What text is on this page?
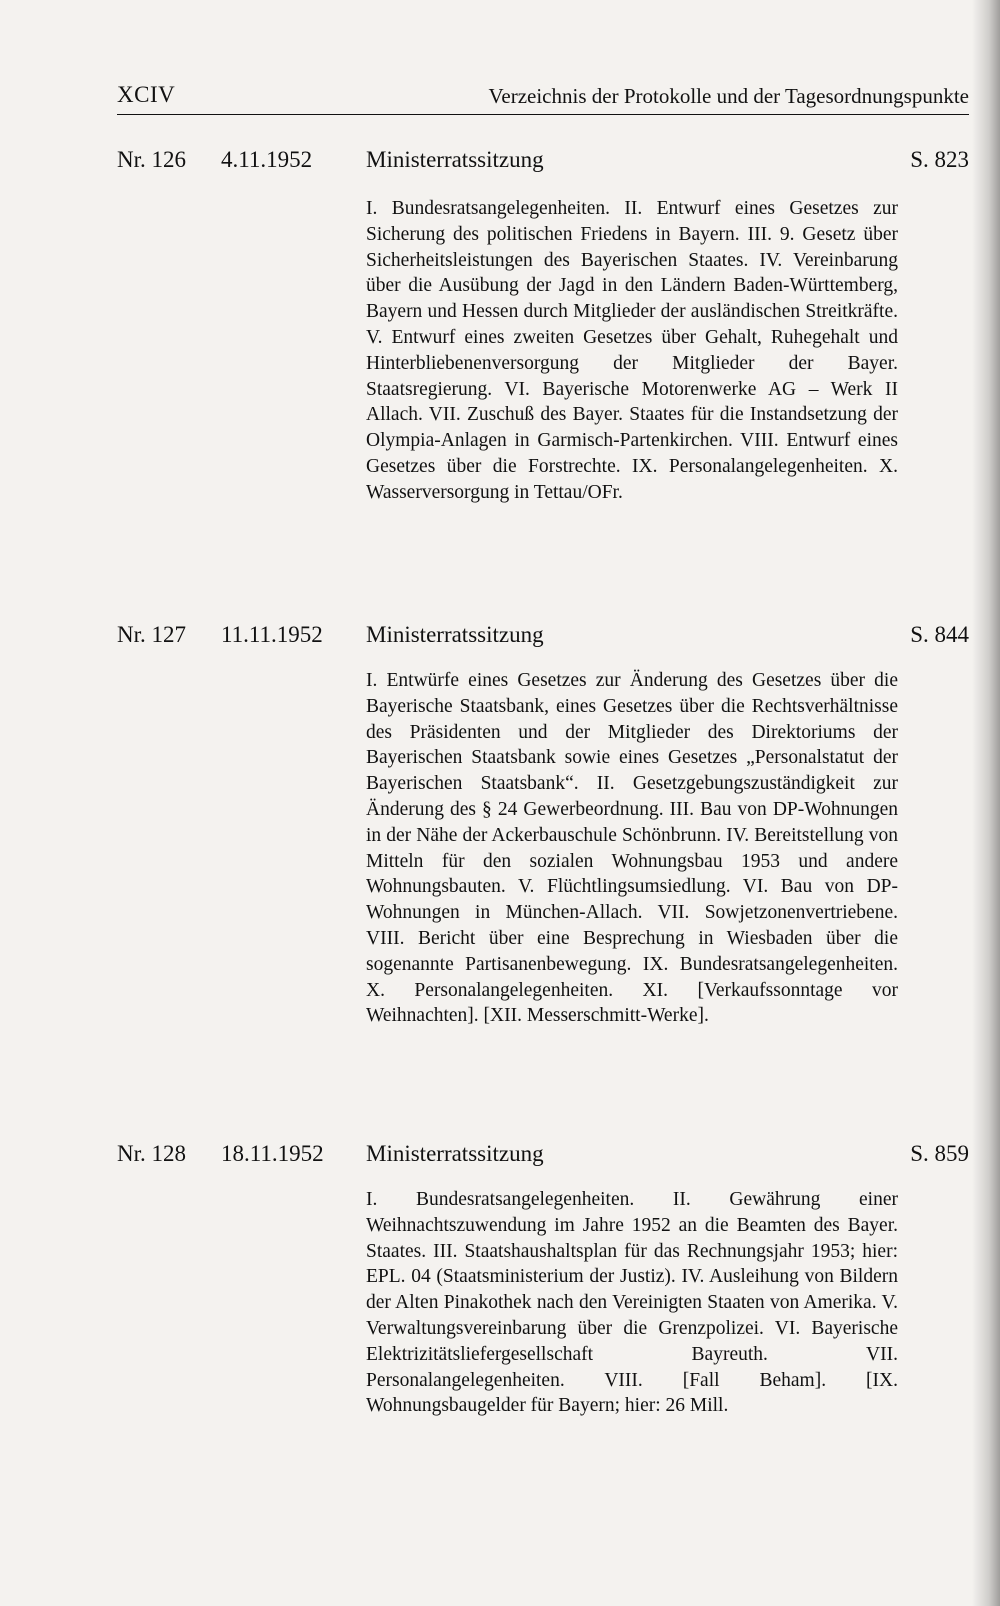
XCIV	Verzeichnis der Protokolle und der Tagesordnungspunkte
Nr. 126 4.11.1952 Ministerratssitzung	S. 823
I. Bundesratsangelegenheiten. II. Entwurf eines Gesetzes zur Sicherung des politischen Friedens in Bayern. III. 9. Gesetz über Sicherheitsleistungen des Bayerischen Staates. IV. Vereinbarung über die Ausübung der Jagd in den Ländern Baden-Württemberg, Bayern und Hessen durch Mitglieder der ausländischen Streitkräfte. V. Entwurf eines zweiten Gesetzes über Gehalt, Ruhegehalt und Hinterbliebenenversorgung der Mitglieder der Bayer. Staatsregierung. VI. Bayerische Motorenwerke AG – Werk II Allach. VII. Zuschuß des Bayer. Staates für die Instandsetzung der Olympia-Anlagen in Garmisch-Partenkirchen. VIII. Entwurf eines Gesetzes über die Forstrechte. IX. Personalangelegenheiten. X. Wasserversorgung in Tettau/OFr.
Nr. 127 11.11.1952 Ministerratssitzung	S. 844
I. Entwürfe eines Gesetzes zur Änderung des Gesetzes über die Bayerische Staatsbank, eines Gesetzes über die Rechtsverhältnisse des Präsidenten und der Mitglieder des Direktoriums der Bayerischen Staatsbank sowie eines Gesetzes „Personalstatut der Bayerischen Staatsbank“. II. Gesetzgebungszuständigkeit zur Änderung des § 24 Gewerbeordnung. III. Bau von DP-Wohnungen in der Nähe der Ackerbauschule Schönbrunn. IV. Bereitstellung von Mitteln für den sozialen Wohnungsbau 1953 und andere Wohnungsbauten. V. Flüchtlingsumsiedlung. VI. Bau von DP-Wohnungen in München-Allach. VII. Sowjetzonenvertriebene. VIII. Bericht über eine Besprechung in Wiesbaden über die sogenannte Partisanenbewegung. IX. Bundesratsangelegenheiten. X. Personalangelegenheiten. XI. [Verkaufssonntage vor Weihnachten]. [XII. Messerschmitt-Werke].
Nr. 128 18.11.1952 Ministerratssitzung	S. 859
I. Bundesratsangelegenheiten. II. Gewährung einer Weihnachtszuwendung im Jahre 1952 an die Beamten des Bayer. Staates. III. Staatshaushaltsplan für das Rechnungsjahr 1953; hier: EPL. 04 (Staatsministerium der Justiz). IV. Ausleihung von Bildern der Alten Pinakothek nach den Vereinigten Staaten von Amerika. V. Verwaltungsvereinbarung über die Grenzpolizei. VI. Bayerische Elektrizitätsliefergesellschaft Bayreuth. VII. Personalangelegenheiten. VIII. [Fall Beham]. [IX. Wohnungsbaugelder für Bayern; hier: 26 Mill.
